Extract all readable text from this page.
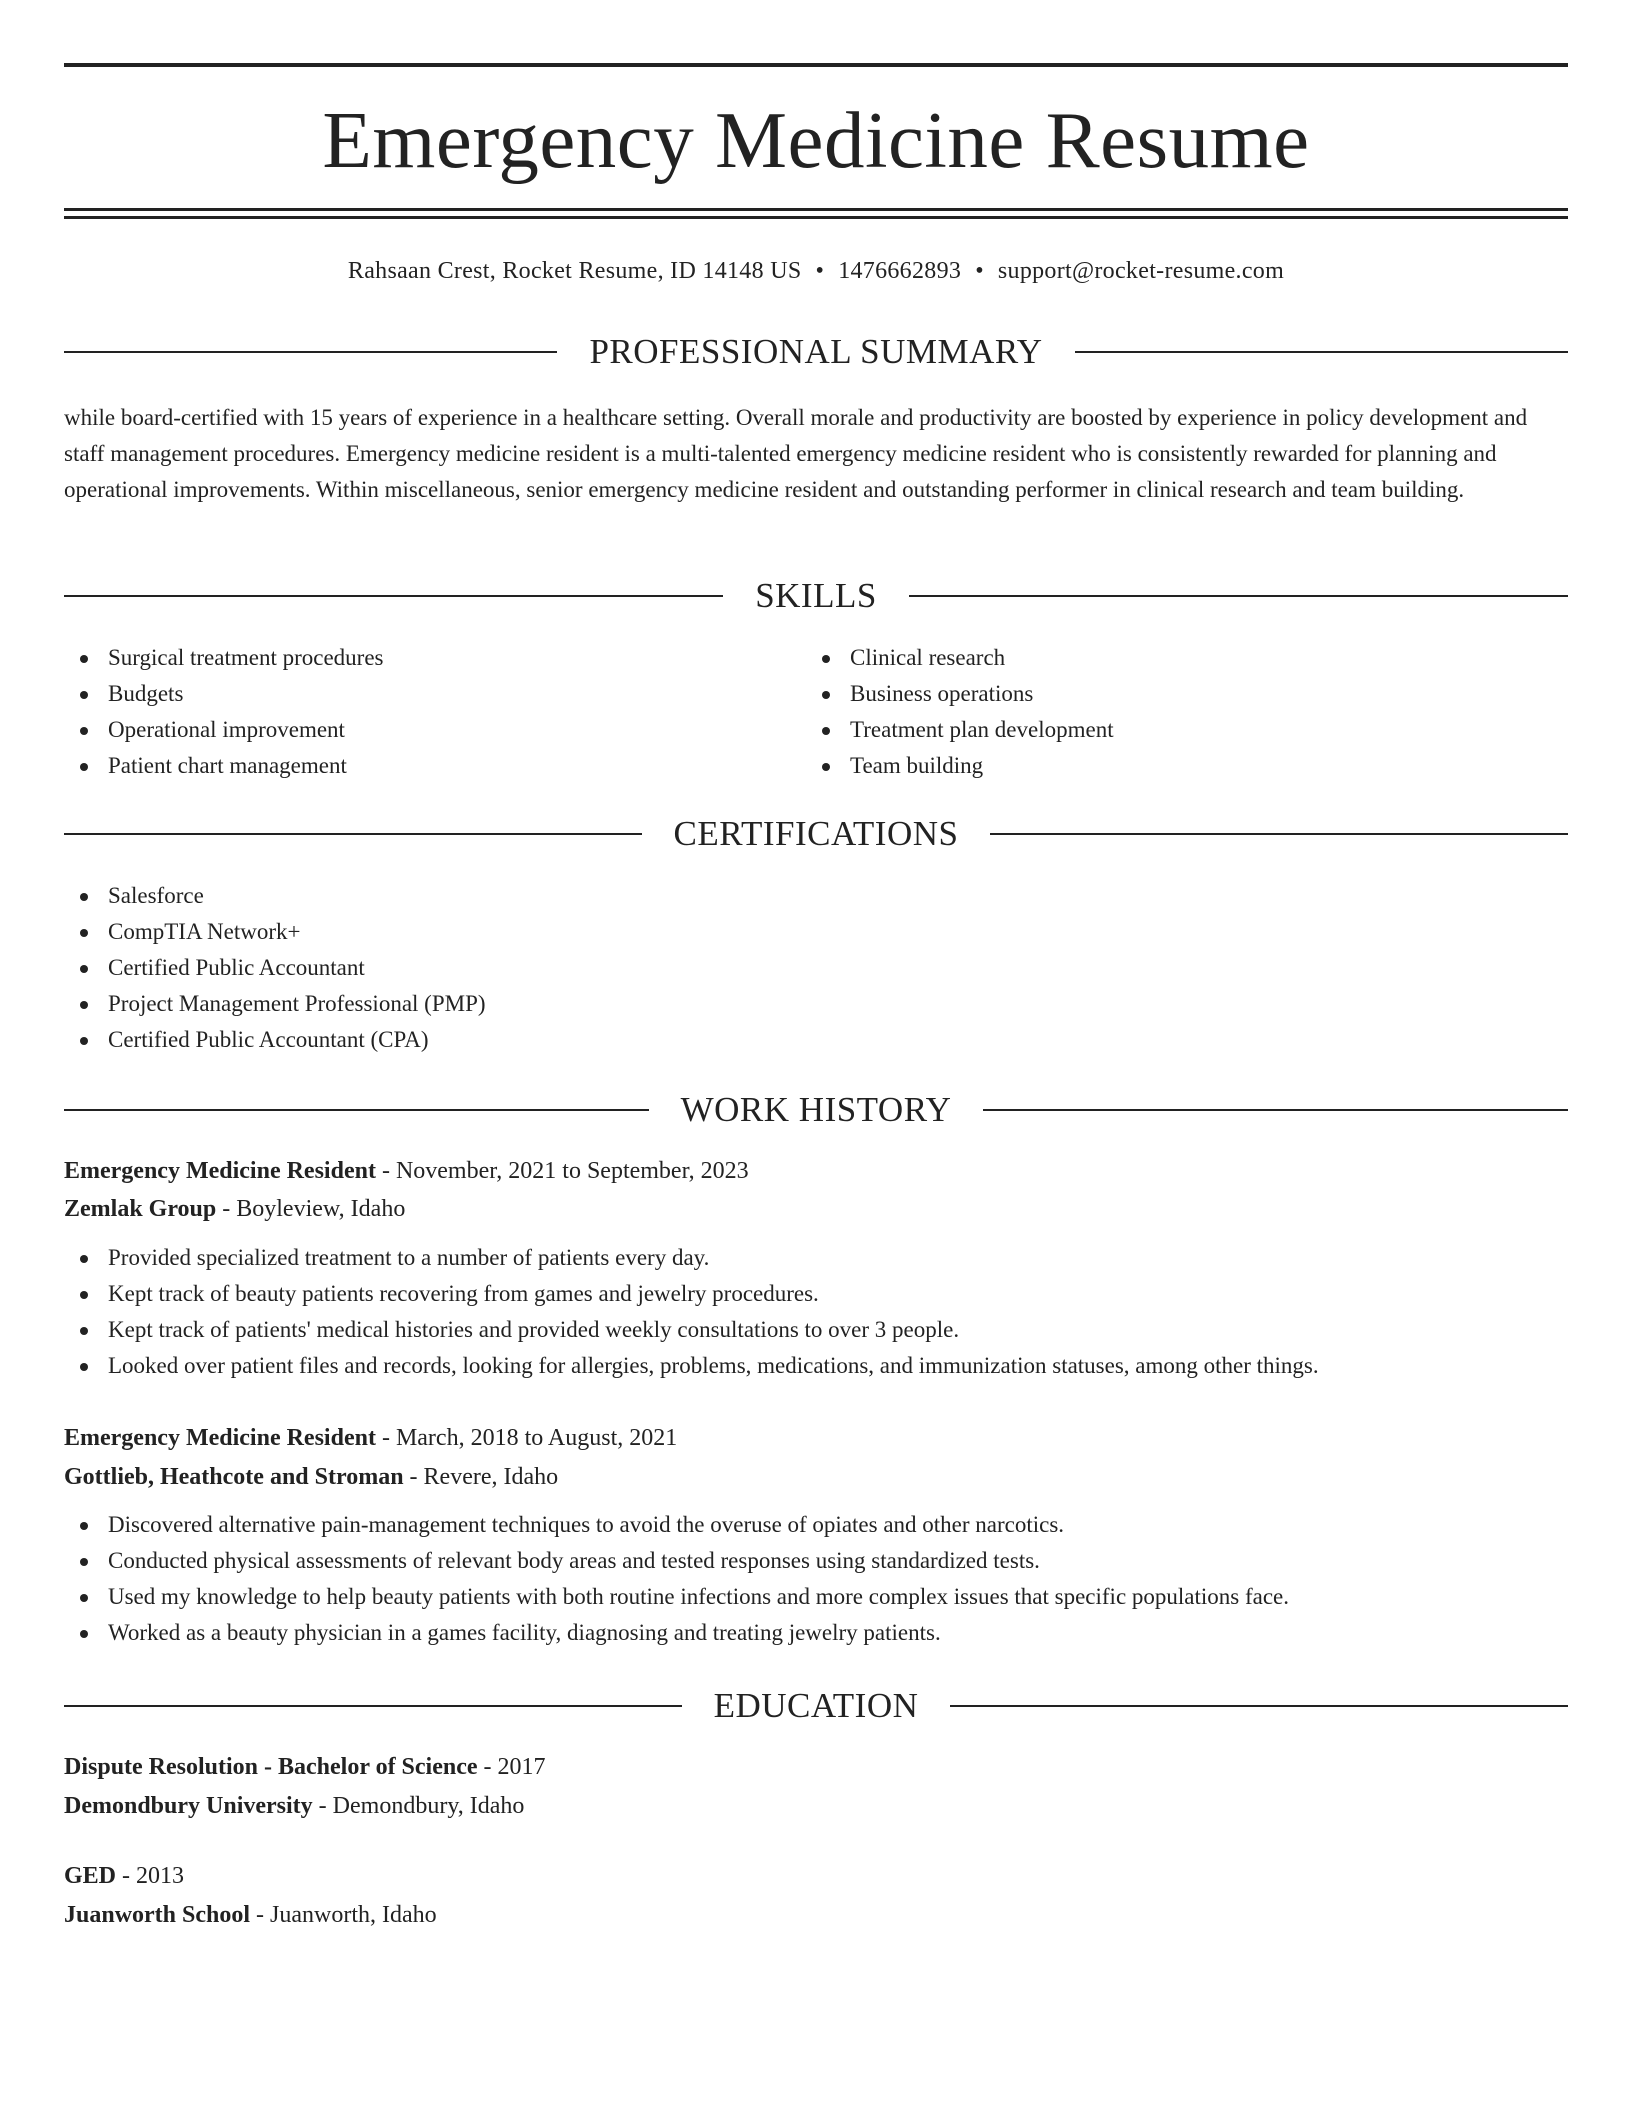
Emergency Medicine Resume
Rahsaan Crest, Rocket Resume, ID 14148 US • 1476662893 • support@rocket-resume.com
PROFESSIONAL SUMMARY

while board-certified with 15 years of experience in a healthcare setting. Overall morale and productivity are boosted by experience in policy development and staff management procedures. Emergency medicine resident is a multi-talented emergency medicine resident who is consistently rewarded for planning and operational improvements. Within miscellaneous, senior emergency medicine resident and outstanding performer in clinical research and team building.

SKILLS
Surgical treatment procedures
Budgets
Operational improvement
Patient chart management
Clinical research
Business operations
Treatment plan development
Team building
CERTIFICATIONS
Salesforce
CompTIA Network+
Certified Public Accountant
Project Management Professional (PMP)
Certified Public Accountant (CPA)
WORK HISTORY
Emergency Medicine Resident - November, 2021 to September, 2023
Zemlak Group - Boyleview, Idaho
Provided specialized treatment to a number of patients every day.
Kept track of beauty patients recovering from games and jewelry procedures.
Kept track of patients' medical histories and provided weekly consultations to over 3 people.
Looked over patient files and records, looking for allergies, problems, medications, and immunization statuses, among other things.
Emergency Medicine Resident - March, 2018 to August, 2021
Gottlieb, Heathcote and Stroman - Revere, Idaho
Discovered alternative pain-management techniques to avoid the overuse of opiates and other narcotics.
Conducted physical assessments of relevant body areas and tested responses using standardized tests.
Used my knowledge to help beauty patients with both routine infections and more complex issues that specific populations face.
Worked as a beauty physician in a games facility, diagnosing and treating jewelry patients.
EDUCATION
Dispute Resolution - Bachelor of Science - 2017
Demondbury University - Demondbury, Idaho
GED - 2013
Juanworth School - Juanworth, Idaho
